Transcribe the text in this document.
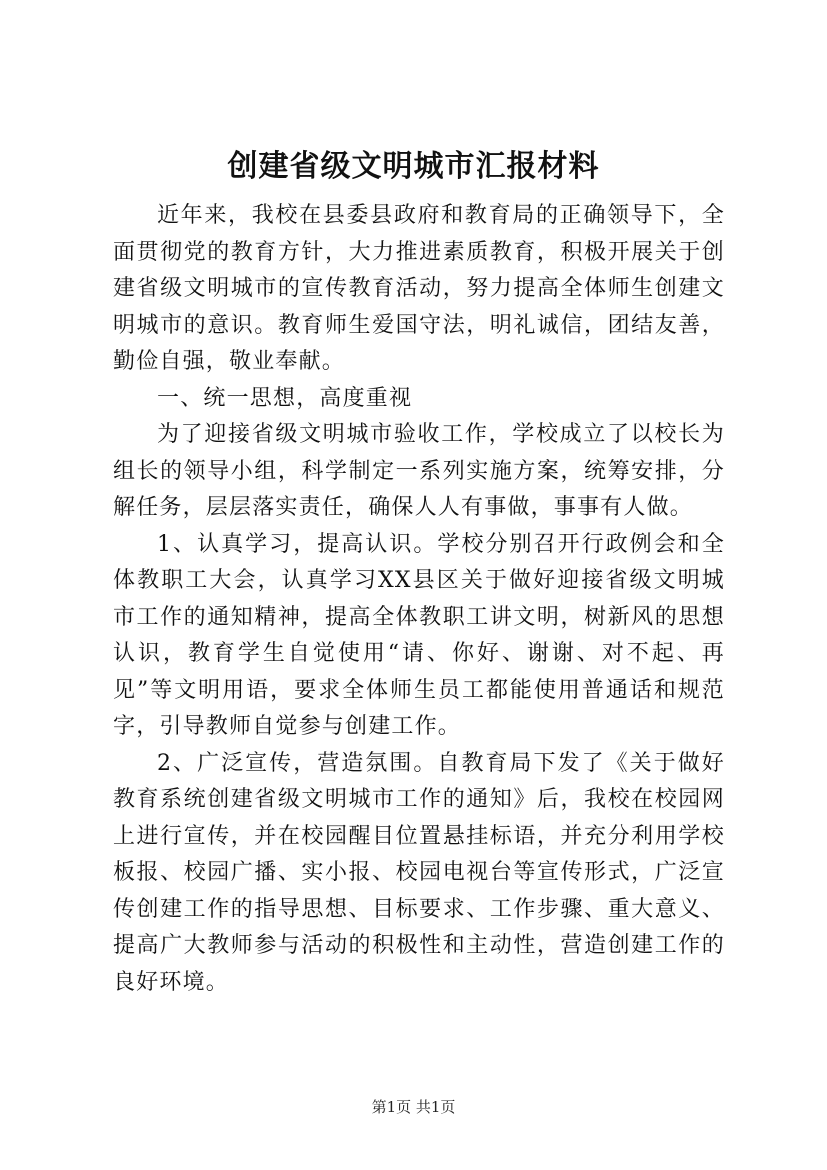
创建省级文明城市汇报材料

近年来，我校在县委县政府和教育局的正确领导下，全面贯彻党的教育方针，大力推进素质教育，积极开展关于创建省级文明城市的宣传教育活动，努力提高全体师生创建文明城市的意识。教育师生爱国守法，明礼诚信，团结友善，勤俭自强，敬业奉献。

一、统一思想，高度重视

为了迎接省级文明城市验收工作，学校成立了以校长为组长的领导小组，科学制定一系列实施方案，统筹安排，分解任务，层层落实责任，确保人人有事做，事事有人做。

1、认真学习，提高认识。学校分别召开行政例会和全体教职工大会，认真学习XX县区关于做好迎接省级文明城市工作的通知精神，提高全体教职工讲文明，树新风的思想认识，教育学生自觉使用“请、你好、谢谢、对不起、再见”等文明用语，要求全体师生员工都能使用普通话和规范字，引导教师自觉参与创建工作。

2、广泛宣传，营造氛围。自教育局下发了《关于做好教育系统创建省级文明城市工作的通知》后，我校在校园网上进行宣传，并在校园醒目位置悬挂标语，并充分利用学校板报、校园广播、实小报、校园电视台等宣传形式，广泛宣传创建工作的指导思想、目标要求、工作步骤、重大意义、提高广大教师参与活动的积极性和主动性，营造创建工作的良好环境。

第1页 共1页
